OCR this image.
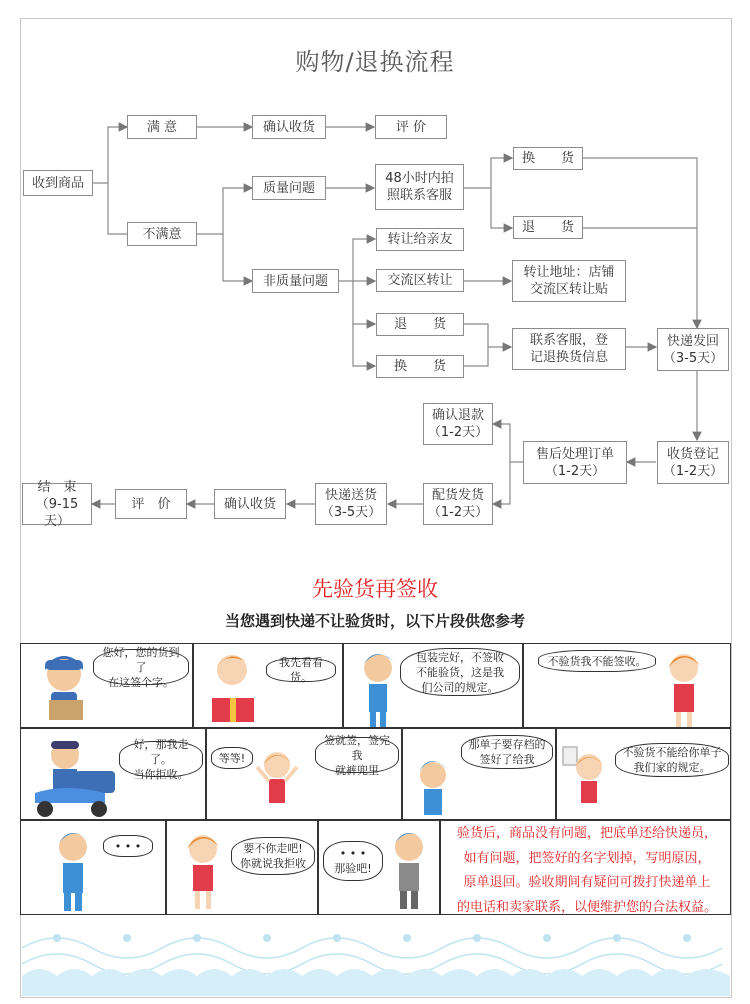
购物/退换流程
收到商品
满 意	确认收货	评 价
不满意
质量问题
48小时内拍
照联系客服
换　　货
退　　货
非质量问题
转让给亲友
交流区转让
转让地址：店铺
交流区转让贴
退　　货
换　　货
联系客服，登
记退换货信息
快递发回
（3-5天）
收货登记
（1-2天）
售后处理订单
（1-2天）
确认退款
（1-2天）
配货发货
（1-2天）
快递送货
（3-5天）
确认收货
评　价
结　束
（9-15天）
先验货再签收
当您遇到快递不让验货时，以下片段供您参考
您好，您的货到了
在这签个字。
我先看看货。
包装完好，不签收
不能验货，这是我
们公司的规定。
不验货我不能签收。
好，那我走了。
当你拒收。
等等!
签就签，签完我
就裤兜里
那单子要存档的
签好了给我
不验货不能给你单子
我们家的规定。
• • •	要不你走吧!
你就说我拒收
• • •
那验吧!
验货后，商品没有问题，把底单还给快递员，
如有问题，把签好的名字划掉，写明原因，
原单退回。验收期间有疑问可拨打快递单上
的电话和卖家联系，以便维护您的合法权益。
